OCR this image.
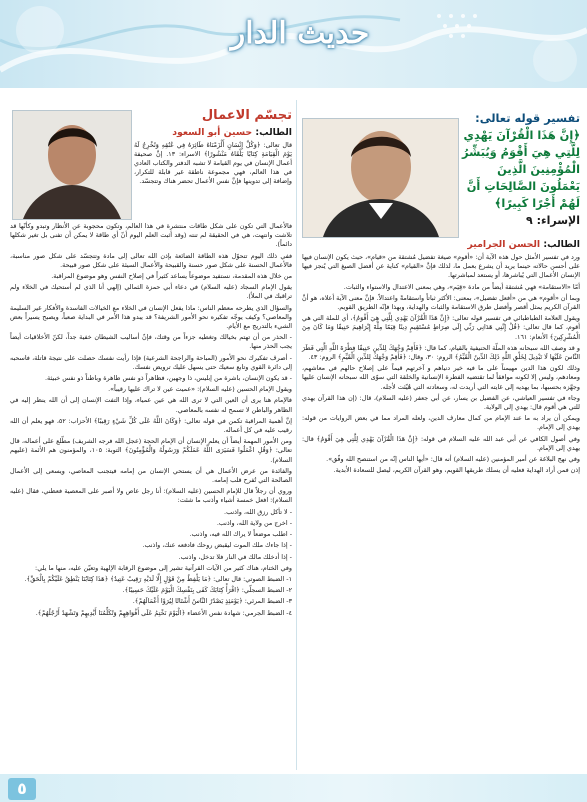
حديث الدار
تفسير قوله تعالى: ﴿إِنَّ هَذَا الْقُرْآنَ يَهْدِي لِلَّتِي هِيَ أَقْوَمُ وَيُبَشِّرُ الْمُؤْمِنِينَ الَّذِينَ يَعْمَلُونَ الصَّالِحَاتِ أَنَّ لَهُمْ أَجْرًا كَبِيرًا﴾ الإسراء: ٩
الطالب: الحسن الجرامير

ورد في تفسير الأمثل حول هذه الآية أن: «أقوم» صيغة تفضيل مُشتقة من «قيام»، حيث يكون الإنسان فيها على أحسن حالاته حينما يريد أن يشرع بعمل ما، لذلك فإنَّ «القيام» كناية عن أفضل الصيغ التي يُنجز فيها الإنسان الأعمال التي يُباشرها، أو يستعد لمباشرتها.

أمّا «الاستقامة» فهي مُشتقة أيضاً من مادة «قِيَم»، وهي بمعنى الاعتدال والاستواء والثبات.

وبما أن «أقوم» هي من «أفعل تفضيل»، بمعنى: الأكثر ثباتاً واستقامةً واعتدالاً. فإنَّ معنى الآية أعلاه، هو أنَّ القرآن الكريم يمثل أقصر وأفضل طرق الاستقامة والثبات والهداية، وبهذا فإنّه الطريق القويم.

ويقول العلامة الطباطبائي في تفسير قوله تعالى: ﴿إِنَّ هَذَا الْقُرْآنَ يَهْدِي لِلَّتِي هِيَ أَقْوَمُ﴾، أي للملة التي هي أقوم، كما قال تعالى: ﴿قُلْ إِنَّنِي هَدَانِي رَبِّي إِلَى صِرَاطٍ مُسْتَقِيمٍ دِينًا قِيَمًا مِلَّةَ إِبْرَاهِيمَ حَنِيفًا وَمَا كَانَ مِنَ الْمُشْرِكِينَ﴾ الأنعام: ١٦١.

و قد وصف الله سبحانه هذه الملّة الحنيفية بالقيام، كما قال: ﴿فَأَقِمْ وَجْهَكَ لِلدِّينِ حَنِيفًا فِطْرَةَ اللَّهِ الَّتِي فَطَرَ النَّاسَ عَلَيْهَا لَا تَبْدِيلَ لِخَلْقِ اللَّهِ ذَلِكَ الدِّينُ الْقَيِّمُ﴾ الروم: ٣٠، وقال: ﴿فَأَقِمْ وَجْهَكَ لِلدِّينِ الْقَيِّمِ﴾ الروم: ٤٣.

وذلك لكون هذا الدين مهيمناً على ما فيه خير دنياهم و آخرتهم قيماً على إصلاح حالهم في معاشهم، ومعادهم، وليس إلا لكونه موافقاً لما تقتضيه الفطرة الإنسانية والخلقة التي سوّى الله سبحانه الإنسان عليها وجهَّزه بحسبها، بما يهديه إلى غايته التي أريدت له، وسعادته التي هُيّئت لأجله.

وجاء في تفسير العياشي، عن الفضيل بن يسار، عن أبي جعفر (عليه السلام)، قال: (إن هذا القرآن يهدي للتي هي أقوم قال: يهدي إلى الولاية.

ويمكن أن يراد به ما عند الإمام من كمال معارف الدين، ولعله المراد مما في بعض الروايات من قوله: يهدي إلى الإمام.

وفي أصول الكافي عن أبي عبد الله عليه السلام في قوله: ﴿إِنَّ هَذَا الْقُرْآنَ يَهْدِي لِلَّتِي هِيَ أَقْوَمُ﴾ قال: يهدي إلى الإمام.

وفي نهج البلاغة عن أمير المؤمنين (عليه السلام) أنه قال: «أيها الناس إنّه من استنصح الله وفّق».

إذن فمن أراد الهداية فعليه أن يسلك طريقها القويم، وهو القرآن الكريم، ليصل للسعادة الأبدية.

تجسّم الاعمال
الطالب: حسين أبو السعود
قال تعالى: ﴿وَكُلَّ إِنْسَانٍ أَلْزَمْنَاهُ طَائِرَهُ فِي عُنُقِهِ وَنُخْرِجُ لَهُ يَوْمَ الْقِيَامَةِ كِتَابًا يَلْقَاهُ مَنْشُورًا﴾ الاسراء: ١٣. إنَّ صحيفة أعمال الإنسان في يوم القيامة لا تشبه الدفتر والكتاب العادي في هذا العالم، فهي مجموعة ناطقة غير قابلة للتكرار، وإضافة إلى تدوينها فإنَّ نفس الأعمال تحضر هناك وتتجسّد.

فالأعمال التي تكون على شكل طاقات منتشرة في هذا العالم، وتكون محجوبة عن الأنظار وتبدو وكأنّها قد تلاشت وانتهت، هي في الحقيقة لم تنته (وقد أثبت العلم اليوم أنّ أي طاقة لا يمكن أن تفنى بل تغير شكلها دائماً).

ففي ذلك اليوم تتحوّل هذه الطاقة الضائعة بإذن الله تعالى إلى مادة وتتجسّد على شكل صور مناسبة، فالأعمال الحسنة على شكل صور حسنة والقبيحة والأعمال السيئة على شكل صور قبيحة.

من خلال هذه المقدمة، نستفيد موضوعاً يساعد كثيراً في إصلاح النفس وهو موضوع المراقبة.

يقول الإمام السجاد (عليه السلام) في دعاء أبي حمزة الثمالي (إلهي أنا الذي لم أستحيك في الخلاء ولم تراقبك في الملأ).

والسؤال الذي يطرحه معظم الناس: ماذا يفعل الإنسان في الخلاء مع الخيالات الفاسدة والأفكار غير السليمة والمعاصي؟ وكيف يوجّه تفكيره نحو الأمور الشريفة؟ قد يبدو هذا الأمر في البداية صعباً، ويصبح يسيراً بعض الشيء بالتدريج مع الأيام.

- الحذر من أن تهتم بخيالك وتغطيه جزءاً من وقتك، فإنّ أساليب الشيطان خفية جداً، لكنّ الأخلاقيات أيضاً يجب الحذر منها.

- أصرف تفكيرك نحو الأمور (المباحة والراجحة الشرعية) فإذا رأيت نفسك حصلت على نتيجة قاتلة، فاسحبه إلى دائرة القوي وتابع سعيك حتى يسهل عليك ترويض نفسك.

- قد يكون الإنسان، باشرة من إبليس، ذا وجهين، فظاهراً ذو نفس طاهرة وباطناً ذو نفس خبيثة.

ويقول الإمام الحسين (عليه السلام): «عميت عين لا تراك عليها رقيباً».

فالإمام هنا يرى أن العين التي لا ترى الله هي عين عمياء، وإذا التفت الإنسان إلى أن الله ينظر إليه في الظاهر والباطن لا تسمح له نفسه بالمعاصي.

إنَّ أهمية المراقبة تكمن في قوله تعالى: ﴿وَكَانَ اللَّهُ عَلَى كُلِّ شَيْءٍ رَقِيبًا﴾ الأحزاب: ٥٢، فهو يعلم أن الله رقيب عليه في كل أعماله.

ومن الأمور المهمة أيضاً أن يعلم الإنسان أن الإمام الحجة (عجل الله فرجه الشريف) مطّلع على أعماله، قال تعالى: ﴿وَقُلِ اعْمَلُوا فَسَيَرَى اللَّهُ عَمَلَكُمْ وَرَسُولُهُ وَالْمُؤْمِنُونَ﴾ التوبة: ١٠٥، والمؤمنون هم الأئمة (عليهم السلام).

والفائدة من عرض الأعمال هي أن يستحي الإنسان من إمامه فيتجنب المعاصي، ويسعى إلى الأعمال الصالحة التي تُفرح قلب إمامه.

وروي أن رجلاً قال للإمام الحسين (عليه السلام): أنا رجل عاص ولا أصبر على المعصية فعظني، فقال (عليه السلام): افعل خمسة أشياء وأذنب ما شئت:

- لا تأكل رزق الله، واذنب.

- اخرج من ولاية الله، واذنب.

- اطلب موضعاً لا يراك الله فيه، واذنب.

- إذا جاءك ملك الموت ليقبض روحك فادفعه عنك، واذنب.

- إذا أدخلك مالك في النار فلا تدخل، واذنب.

وفي الختام، هناك كثير من الآيات القرآنية تشير إلى موضوع الرقابة الإلهية وتعيّن عليه، منها ما يلي:

١- الضبط الصوتي: قال تعالى: ﴿مَا يَلْفِظُ مِنْ قَوْلٍ إِلَّا لَدَيْهِ رَقِيبٌ عَتِيدٌ﴾ ﴿هَذَا كِتَابُنَا يَنْطِقُ عَلَيْكُمْ بِالْحَقِّ﴾.

٢- الضبط السجلّي: ﴿اقْرَأْ كِتَابَكَ كَفَى بِنَفْسِكَ الْيَوْمَ عَلَيْكَ حَسِيبًا﴾.

٣- الضبط المرئي: ﴿يَوْمَئِذٍ يَصْدُرُ النَّاسُ أَشْتَاتًا لِيُرَوْا أَعْمَالَهُمْ﴾.

٤- الضبط الجرمي: شهادة نفس الأعضاء ﴿الْيَوْمَ نَخْتِمُ عَلَى أَفْوَاهِهِمْ وَتُكَلِّمُنَا أَيْدِيهِمْ وَتَشْهَدُ أَرْجُلُهُمْ﴾.

٥
